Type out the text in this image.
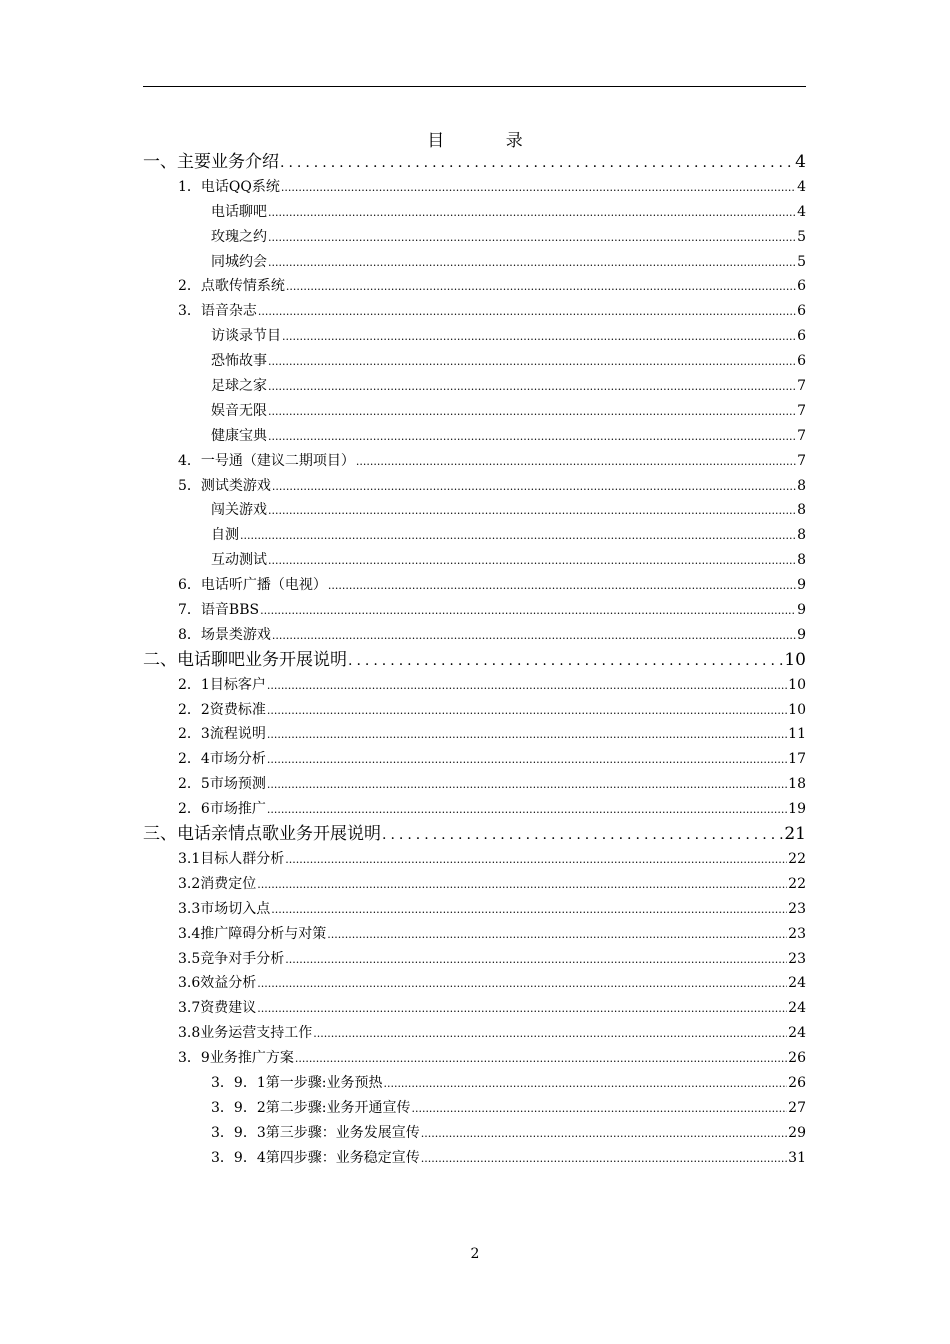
目 录
一、主要业务介绍 .....	4
1．电话QQ系统 .....	4
电话聊吧 .....	4
玫瑰之约 .....	5
同城约会 .....	5
2．点歌传情系统 .....	6
3．语音杂志 .....	6
访谈录节目 .....	6
恐怖故事 .....	6
足球之家 .....	7
娱音无限 .....	7
健康宝典 .....	7
4．一号通（建议二期项目） .....	7
5．测试类游戏 .....	8
闯关游戏 .....	8
自测 .....	8
互动测试 .....	8
6．电话听广播（电视） .....	9
7．语音BBS .....	9
8．场景类游戏 .....	9
二、电话聊吧业务开展说明 .....	10
2．1目标客户 .....	10
2．2资费标准 .....	10
2．3流程说明 .....	11
2．4市场分析 .....	17
2．5市场预测 .....	18
2．6市场推广 .....	19
三、电话亲情点歌业务开展说明 .....	21
3.1目标人群分析 .....	22
3.2消费定位 .....	22
3.3市场切入点 .....	23
3.4推广障碍分析与对策 .....	23
3.5竞争对手分析 .....	23
3.6效益分析 .....	24
3.7资费建议 .....	24
3.8业务运营支持工作 .....	24
3．9业务推广方案 .....	26
3．9．1第一步骤:业务预热 .....	26
3．9．2第二步骤:业务开通宣传 .....	27
3．9．3第三步骤：业务发展宣传 .....	29
3．9．4第四步骤：业务稳定宣传 .....	31
2
